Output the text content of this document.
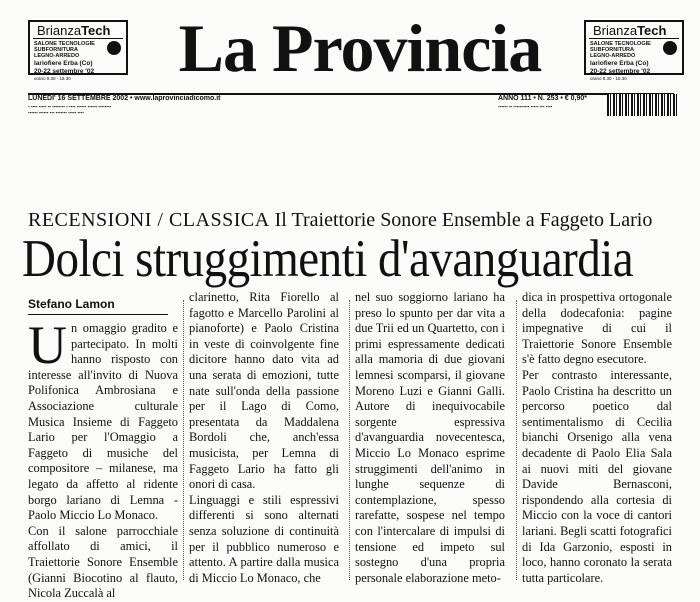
BrianzaTech
SALONE TECNOLOGIE SUBFORNITURA LEGNO-ARREDO
lariofiere Erba (Co)
20-22 settembre '02
orario 9.30 - 18.30
BrianzaTech
SALONE TECNOLOGIE SUBFORNITURA LEGNO-ARREDO
lariofiere Erba (Co)
20-22 settembre '02
orario 9.30 - 18.30
La Provincia
LUNEDI' 16 SETTEMBRE 2002 • www.laprovinciadicomo.it	ANNO 111 • N. 253 • € 0,90*
▪ ▪▪▪▪ ▪▪▪▪▪ ▪▪ ▪▪▪▪▪▪▪▪ ▪ ▪▪▪▪ ▪▪▪▪▪▪ ▪▪▪▪▪▪ ▪▪▪▪▪▪▪▪
▪▪▪▪▪▪ ▪▪▪▪▪▪ ▪▪▪ ▪▪▪▪▪▪▪ ▪▪▪▪▪ ▪▪▪▪
▪▪▪▪▪▪ ▪▪ ▪▪▪▪▪▪▪▪▪▪ ▪▪▪▪▪ ▪▪▪ ▪▪▪▪
RECENSIONI / CLASSICA Il Traiettorie Sonore Ensemble a Faggeto Lario
Dolci struggimenti d'avanguardia
Stefano Lamon
U n omaggio gradito e partecipato. In molti hanno risposto con interesse all'invito di Nuova Polifonica Ambrosiana e Associazione culturale Musica Insieme di Faggeto Lario per l'Omaggio a Faggeto di musiche del compositore – milanese, ma legato da affetto al ridente borgo lariano di Lemna - Paolo Miccio Lo Monaco.

Con il salone parrocchiale affollato di amici, il Traiettorie Sonore Ensemble (Gianni Biocotino al flauto, Nicola Zuccalà al

clarinetto, Rita Fiorello al fagotto e Marcello Parolini al pianoforte) e Paolo Cristina in veste di coinvolgente fine dicitore hanno dato vita ad una serata di emozioni, tutte nate sull'onda della passione per il Lago di Como, presentata da Maddalena Bordoli che, anch'essa musicista, per Lemna di Faggeto Lario ha fatto gli onori di casa.

Linguaggi e stili espressivi differenti si sono alternati senza soluzione di continuità per il pubblico numeroso e attento. A partire dalla musica di Miccio Lo Monaco, che

nel suo soggiorno lariano ha preso lo spunto per dar vita a due Trii ed un Quartetto, con i primi espressamente dedicati alla mamoria di due giovani lemnesi scomparsi, il giovane Moreno Luzi e Gianni Galli. Autore di inequivocabile sorgente espressiva d'avanguardia novecentesca, Miccio Lo Monaco esprime struggimenti dell'animo in lunghe sequenze di contemplazione, spesso rarefatte, sospese nel tempo con l'intercalare di impulsi di tensione ed impeto sul sostegno d'una propria personale elaborazione meto-

dica in prospettiva ortogonale della dodecafonia: pagine impegnative di cui il Traiettorie Sonore Ensemble s'è fatto degno esecutore.

Per contrasto interessante, Paolo Cristina ha descritto un percorso poetico dal sentimentalismo di Cecilia bianchi Orsenigo alla vena decadente di Paolo Elia Sala ai nuovi miti del giovane Davide Bernasconi, rispondendo alla cortesia di Miccio con la voce di cantori lariani. Begli scatti fotografici di Ida Garzonio, esposti in loco, hanno coronato la serata tutta particolare.
